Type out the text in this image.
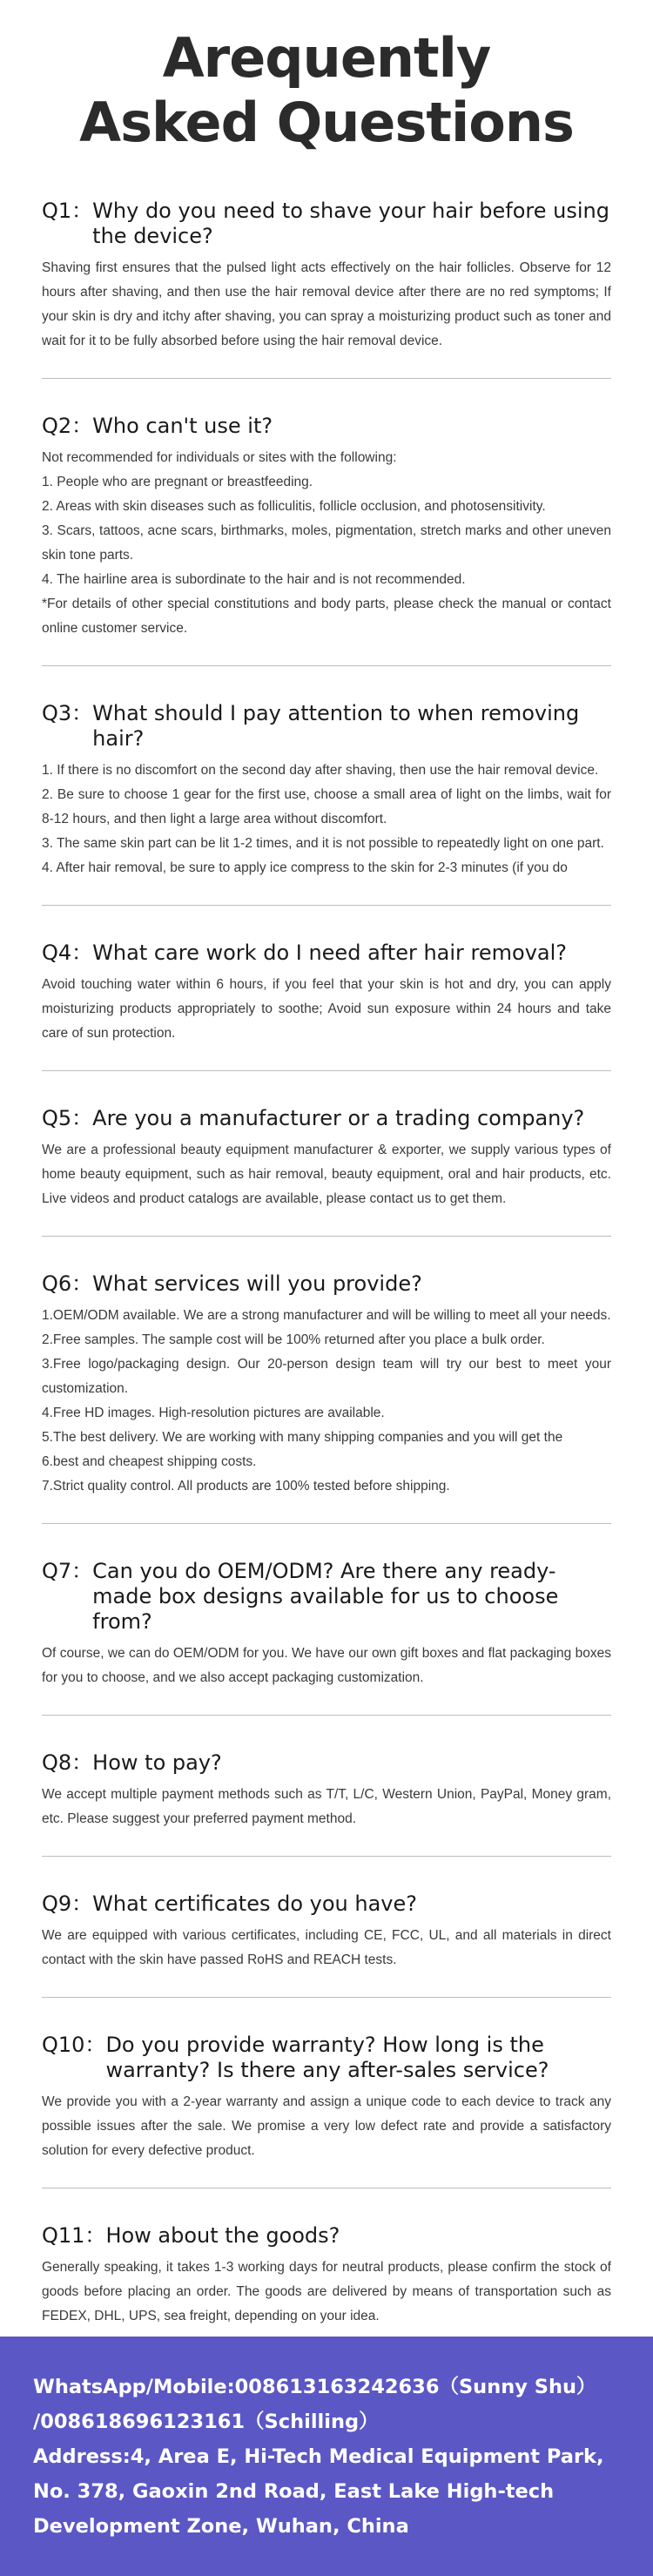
Arequently
Asked Questions
Q1： Why do you need to shave your hair before using the device?

Shaving first ensures that the pulsed light acts effectively on the hair follicles. Observe for 12 hours after shaving, and then use the hair removal device after there are no red symptoms; If your skin is dry and itchy after shaving, you can spray a moisturizing product such as toner and wait for it to be fully absorbed before using the hair removal device.

Q2： Who can't use it?

Not recommended for individuals or sites with the following:

1. People who are pregnant or breastfeeding.

2. Areas with skin diseases such as folliculitis, follicle occlusion, and photosensitivity.

3. Scars, tattoos, acne scars, birthmarks, moles, pigmentation, stretch marks and other uneven skin tone parts.

4. The hairline area is subordinate to the hair and is not recommended.

*For details of other special constitutions and body parts, please check the manual or contact online customer service.

Q3： What should I pay attention to when removing hair?

1. If there is no discomfort on the second day after shaving, then use the hair removal device.

2. Be sure to choose 1 gear for the first use, choose a small area of light on the limbs, wait for 8-12 hours, and then light a large area without discomfort.

3. The same skin part can be lit 1-2 times, and it is not possible to repeatedly light on one part.

4. After hair removal, be sure to apply ice compress to the skin for 2-3 minutes (if you do

Q4： What care work do I need after hair removal?

Avoid touching water within 6 hours, if you feel that your skin is hot and dry, you can apply moisturizing products appropriately to soothe; Avoid sun exposure within 24 hours and take care of sun protection.

Q5： Are you a manufacturer or a trading company?

We are a professional beauty equipment manufacturer & exporter, we supply various types of home beauty equipment, such as hair removal, beauty equipment, oral and hair products, etc. Live videos and product catalogs are available, please contact us to get them.

Q6： What services will you provide?

1.OEM/ODM available. We are a strong manufacturer and will be willing to meet all your needs.

2.Free samples. The sample cost will be 100% returned after you place a bulk order.

3.Free logo/packaging design. Our 20-person design team will try our best to meet your customization.

4.Free HD images. High-resolution pictures are available.

5.The best delivery. We are working with many shipping companies and you will get the

6.best and cheapest shipping costs.

7.Strict quality control. All products are 100% tested before shipping.

Q7： Can you do OEM/ODM? Are there any ready-made box designs available for us to choose from?

Of course, we can do OEM/ODM for you. We have our own gift boxes and flat packaging boxes for you to choose, and we also accept packaging customization.

Q8： How to pay?

We accept multiple payment methods such as T/T, L/C, Western Union, PayPal, Money gram, etc. Please suggest your preferred payment method.

Q9： What certificates do you have?

We are equipped with various certificates, including CE, FCC, UL, and all materials in direct contact with the skin have passed RoHS and REACH tests.

Q10： Do you provide warranty? How long is the warranty? Is there any after-sales service?

We provide you with a 2-year warranty and assign a unique code to each device to track any possible issues after the sale. We promise a very low defect rate and provide a satisfactory solution for every defective product.

Q11： How about the goods?

Generally speaking, it takes 1-3 working days for neutral products, please confirm the stock of goods before placing an order. The goods are delivered by means of transportation such as FEDEX, DHL, UPS, sea freight, depending on your idea.

WhatsApp/Mobile:008613163242636（Sunny Shu）

/008618696123161（Schilling）

Address:4, Area E, Hi-Tech Medical Equipment Park, No. 378, Gaoxin 2nd Road, East Lake High-tech Development Zone, Wuhan, China
